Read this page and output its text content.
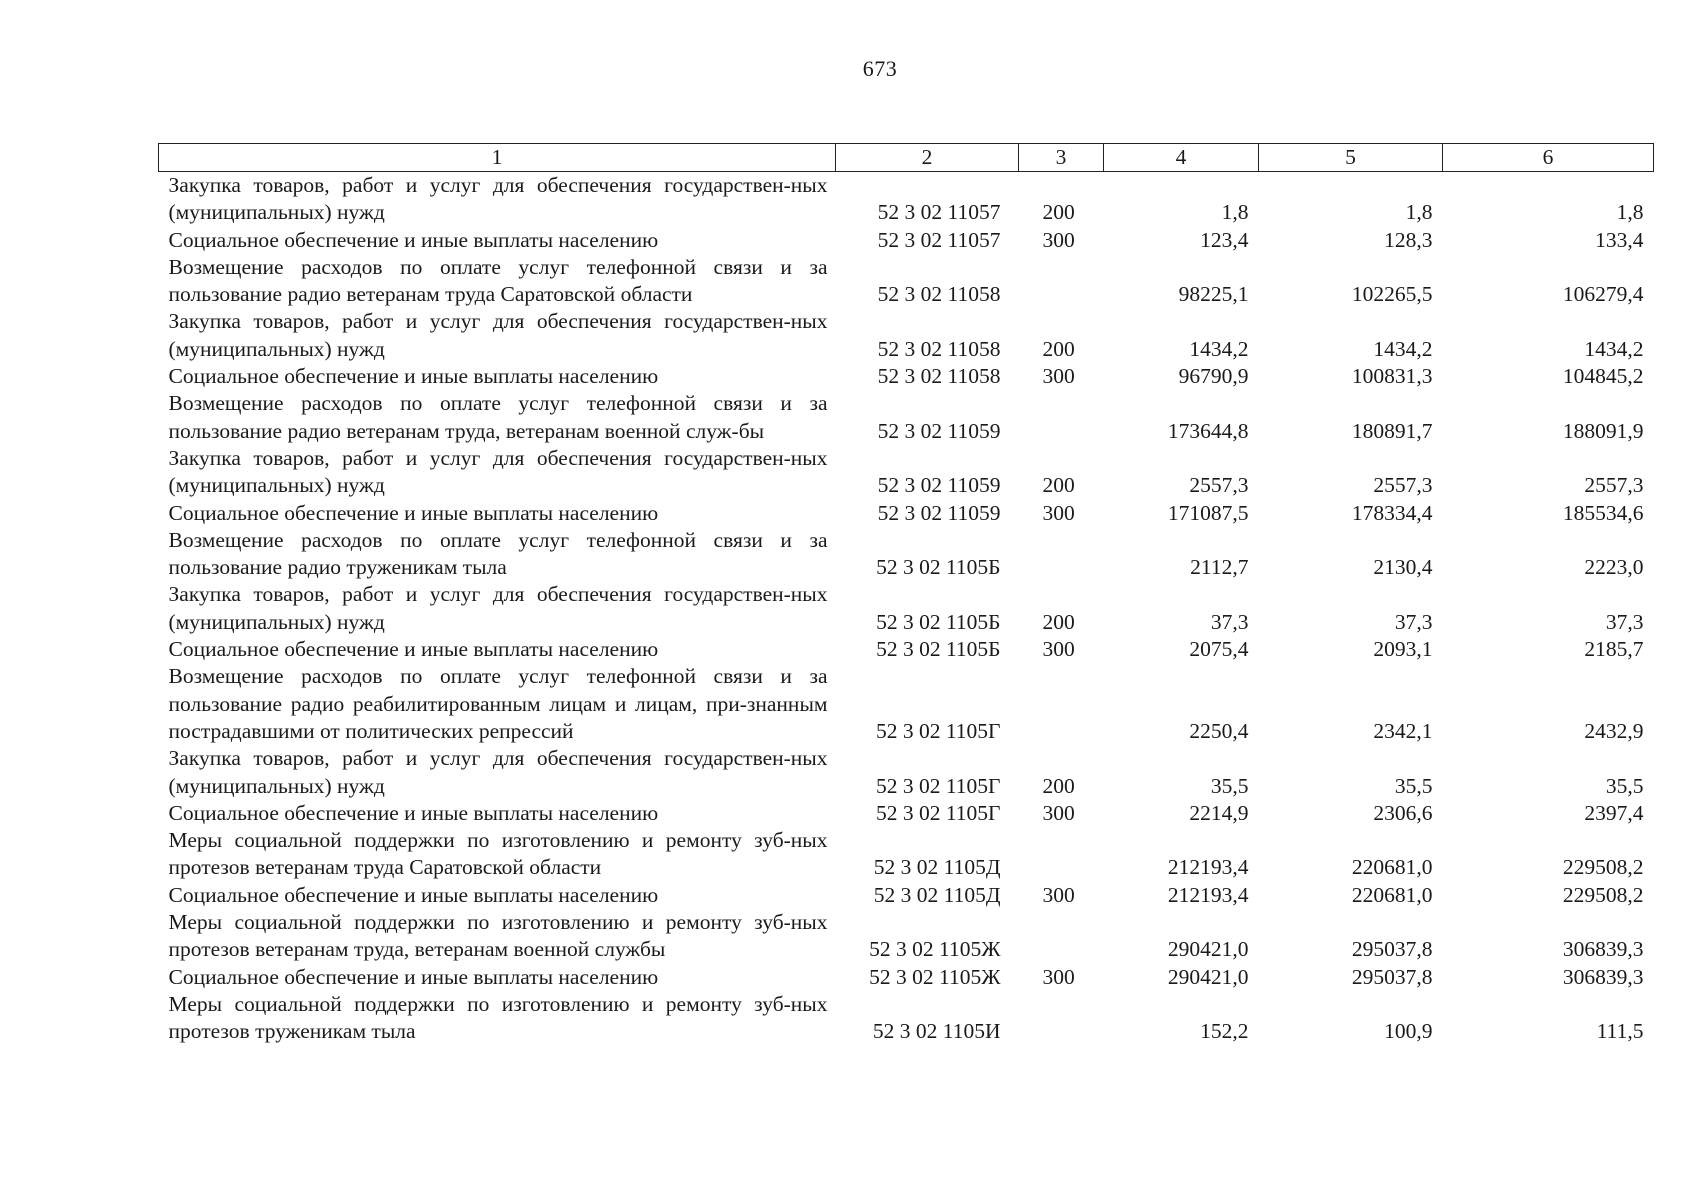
673
1	2	3	4	5	6
Закупка товаров, работ и услуг для обеспечения государствен-ных (муниципальных) нужд	52 3 02 11057	200	1,8	1,8	1,8
Социальное обеспечение и иные выплаты населению	52 3 02 11057	300	123,4	128,3	133,4
Возмещение расходов по оплате услуг телефонной связи и за пользование радио ветеранам труда Саратовской области	52 3 02 11058		98225,1	102265,5	106279,4
Закупка товаров, работ и услуг для обеспечения государствен-ных (муниципальных) нужд	52 3 02 11058	200	1434,2	1434,2	1434,2
Социальное обеспечение и иные выплаты населению	52 3 02 11058	300	96790,9	100831,3	104845,2
Возмещение расходов по оплате услуг телефонной связи и за пользование радио ветеранам труда, ветеранам военной служ-бы	52 3 02 11059		173644,8	180891,7	188091,9
Закупка товаров, работ и услуг для обеспечения государствен-ных (муниципальных) нужд	52 3 02 11059	200	2557,3	2557,3	2557,3
Социальное обеспечение и иные выплаты населению	52 3 02 11059	300	171087,5	178334,4	185534,6
Возмещение расходов по оплате услуг телефонной связи и за пользование радио труженикам тыла	52 3 02 1105Б		2112,7	2130,4	2223,0
Закупка товаров, работ и услуг для обеспечения государствен-ных (муниципальных) нужд	52 3 02 1105Б	200	37,3	37,3	37,3
Социальное обеспечение и иные выплаты населению	52 3 02 1105Б	300	2075,4	2093,1	2185,7
Возмещение расходов по оплате услуг телефонной связи и за пользование радио реабилитированным лицам и лицам, при-знанным пострадавшими от политических репрессий	52 3 02 1105Г		2250,4	2342,1	2432,9
Закупка товаров, работ и услуг для обеспечения государствен-ных (муниципальных) нужд	52 3 02 1105Г	200	35,5	35,5	35,5
Социальное обеспечение и иные выплаты населению	52 3 02 1105Г	300	2214,9	2306,6	2397,4
Меры социальной поддержки по изготовлению и ремонту зуб-ных протезов ветеранам труда Саратовской области	52 3 02 1105Д		212193,4	220681,0	229508,2
Социальное обеспечение и иные выплаты населению	52 3 02 1105Д	300	212193,4	220681,0	229508,2
Меры социальной поддержки по изготовлению и ремонту зуб-ных протезов ветеранам труда, ветеранам военной службы	52 3 02 1105Ж		290421,0	295037,8	306839,3
Социальное обеспечение и иные выплаты населению	52 3 02 1105Ж	300	290421,0	295037,8	306839,3
Меры социальной поддержки по изготовлению и ремонту зуб-ных протезов труженикам тыла	52 3 02 1105И		152,2	100,9	111,5
